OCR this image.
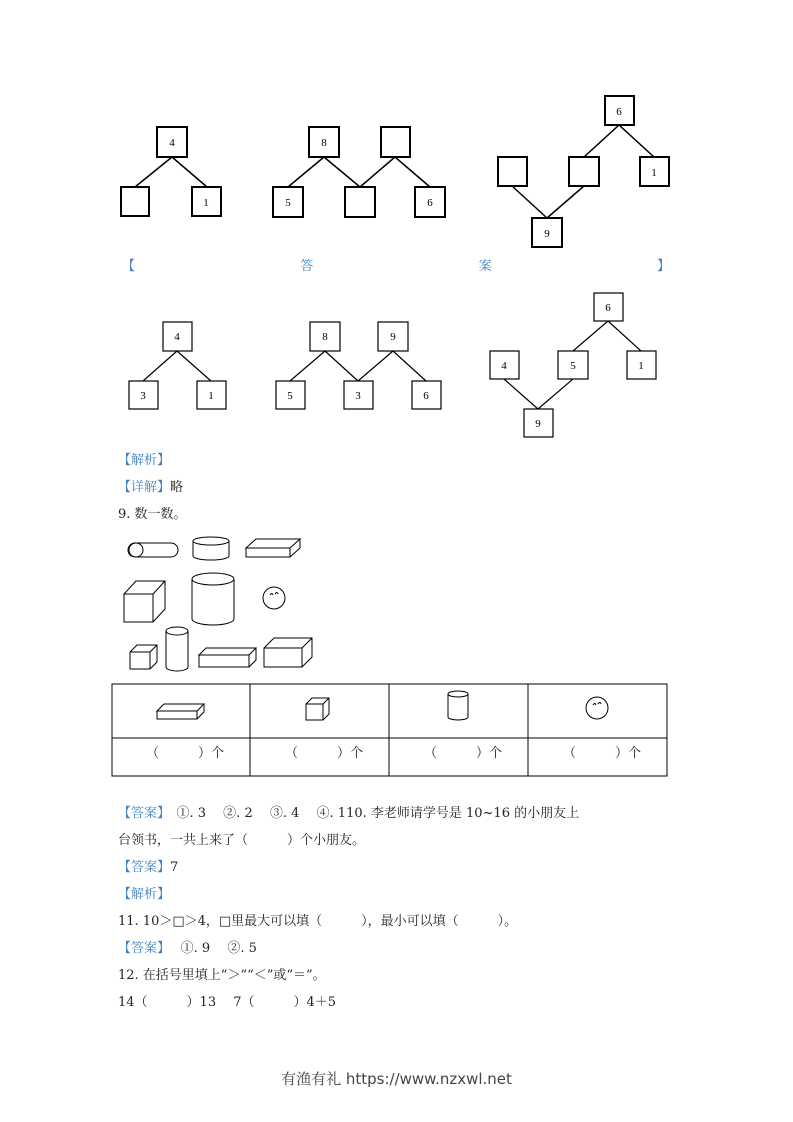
4
1
8
5	6
6
1
9
4
3	1
8	9
5	3	6
6
4	5	1
9
【	答	案	】
【解析】
【详解】略
9. 数一数。
（　　　）个	（　　　）个	（　　　）个	（　　　）个
【答案】　①. 3　 ②. 2　 ③. 4　 ④. 110. 李老师请学号是 10~16 的小朋友上
台领书，一共上来了（　　　）个小朋友。
【答案】7
【解析】
11. 10＞□＞4，□里最大可以填（　　　），最小可以填（　　　）。
【答案】　 ①. 9　 ②. 5
12. 在括号里填上“＞”“＜”或“＝”。
14（　　　）13　 7（　　　）4＋5
有渔有礼 https://www.nzxwl.net
